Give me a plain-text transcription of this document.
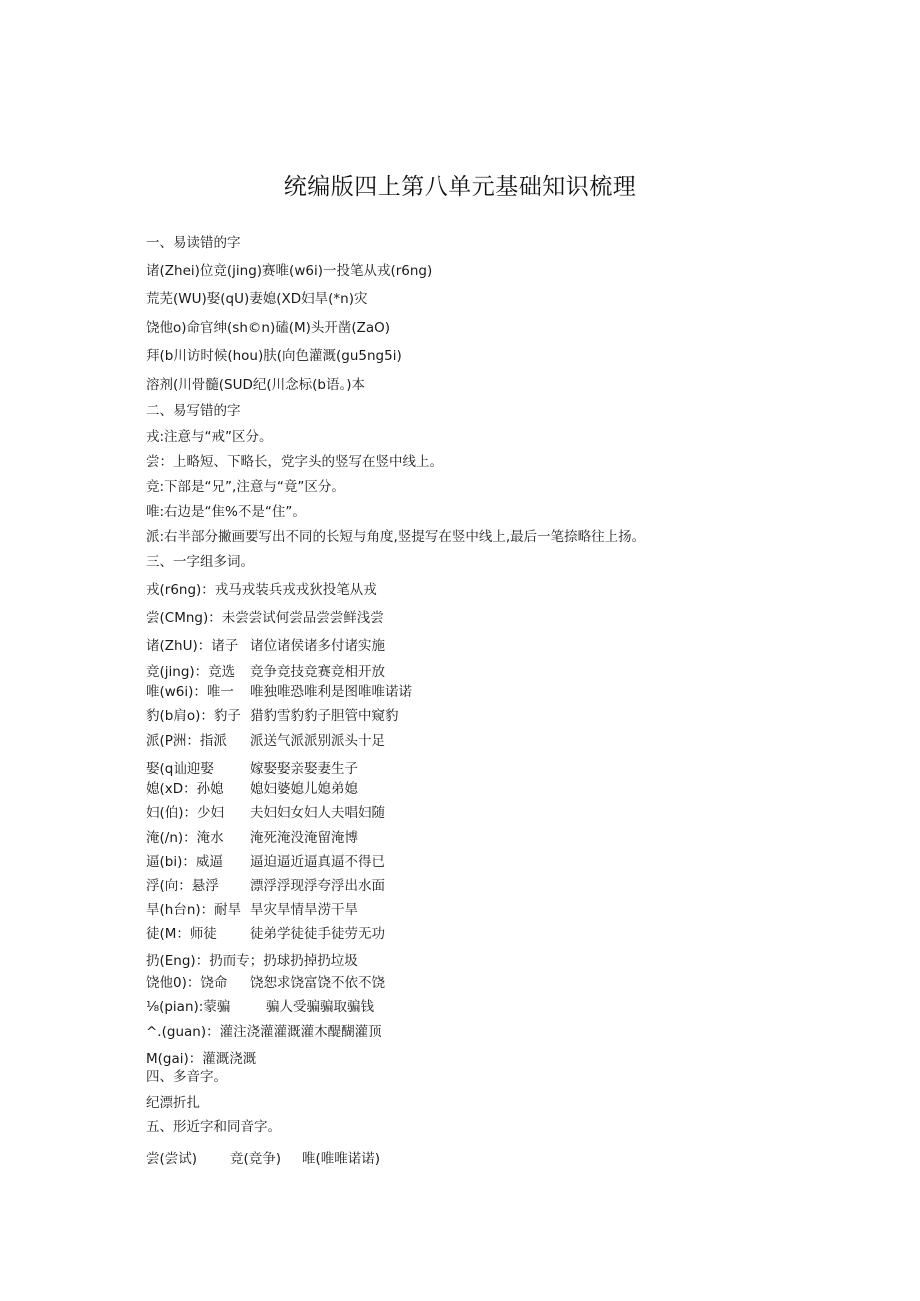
统编版四上第八单元基础知识梳理
一、易读错的字
诸(Zhei)位竞(jing)赛唯(w6i)一投笔从戎(r6ng)
荒芜(WU)娶(qU)妻媳(XD妇旱(*n)灾
饶他o)命官绅(sh©n)磕(M)头开凿(ZaO)
拜(b川访时候(hou)肤(向色灌溉(gu5ng5i)
溶剂(川骨髓(SUD纪(川念标(b语。)本
二、易写错的字
戎:注意与“戒”区分。
尝：上略短、下略长，党字头的竖写在竖中线上。
竞:下部是“兄”,注意与“竟”区分。
唯:右边是“隹%不是“住”。
派:右半部分撇画要写出不同的长短与角度,竖提写在竖中线上,最后一笔捺略往上扬。
三、一字组多词。
戎(r6ng)：戎马戎装兵戎戎狄投笔从戎
尝(CMng)：未尝尝试何尝品尝尝鲜浅尝
诸(ZhU)：诸子 诸位诸侯诸多付诸实施
竞(jing)：竞选 竞争竞技竞赛竞相开放
唯(w6i)：唯一 唯独唯恐唯利是图唯唯诺诺
豹(b肩o)：豹子 猎豹雪豹豹子胆管中窥豹
派(P洲：指派 派送气派派别派头十足
娶(q讪迎娶	嫁娶娶亲娶妻生子
媳(xD：孙媳 媳妇婆媳儿媳弟媳
妇(伯)：少妇 夫妇妇女妇人夫唱妇随
淹(/n)：淹水 淹死淹没淹留淹博
逼(bi)：威逼 逼迫逼近逼真逼不得已
浮(向：悬浮 漂浮浮现浮夸浮出水面
旱(h台n)：耐旱 旱灾旱情旱涝干旱
徒(M：师徒 徒弟学徒徒手徒劳无功
扔(Eng)：扔而专；扔球扔掉扔垃圾
饶他0)：饶命 饶恕求饶富饶不依不饶
⅛(pian):蒙骗	骗人受骗骗取骗钱
^.(guan)：灌注浇灌灌溉灌木醍醐灌顶
M(gai)：灌溉浇溉
四、多音字。
纪漂折扎
五、形近字和同音字。
尝(尝试) 竞(竞争) 唯(唯唯诺诺)
